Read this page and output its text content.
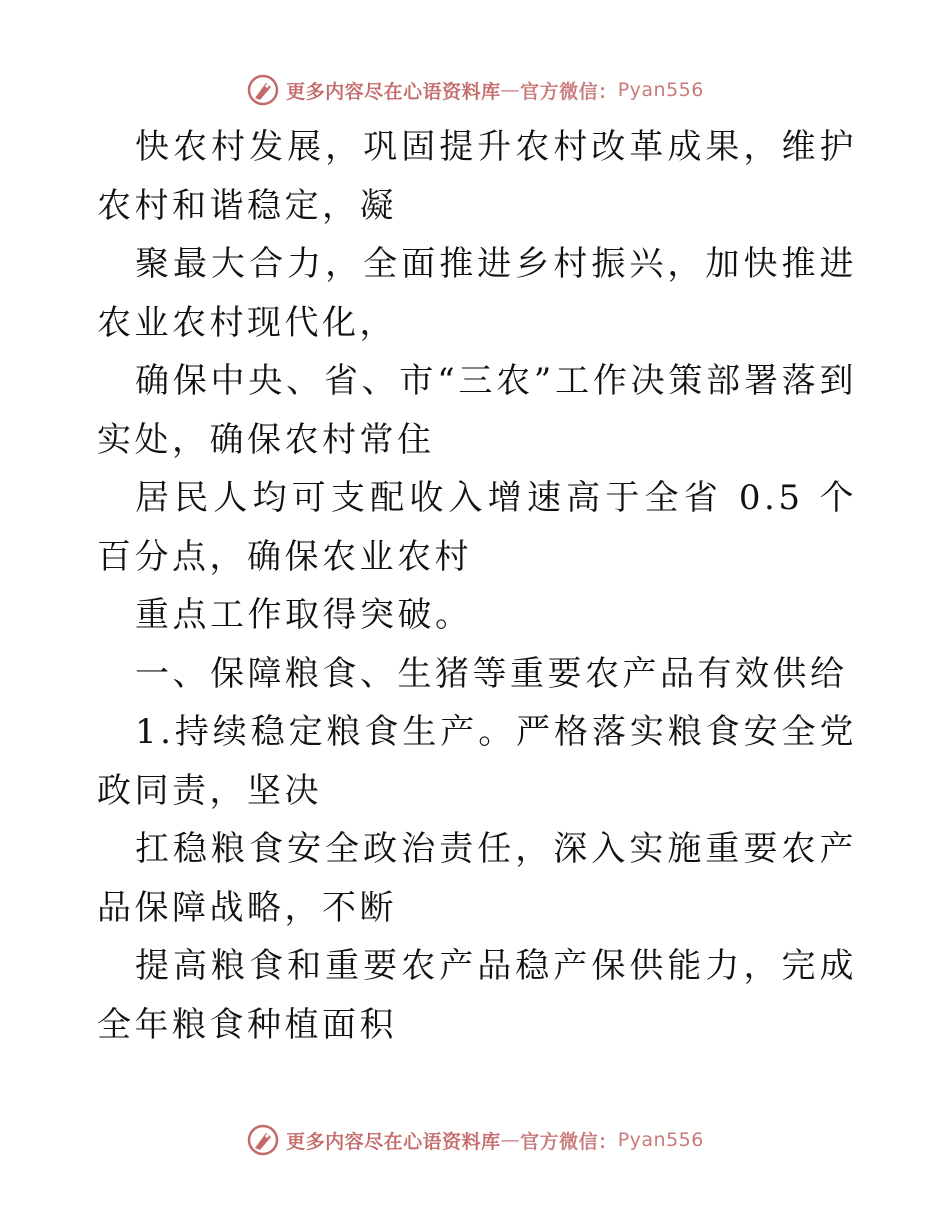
更多内容尽在心语资料库 — 官方微信： Pyan556

快农村发展，巩固提升农村改革成果，维护农村和谐稳定，凝

聚最大合力，全面推进乡村振兴，加快推进农业农村现代化，

确保中央、省、市“三农”工作决策部署落到实处，确保农村常住

居民人均可支配收入增速高于全省 0.5 个百分点，确保农业农村

重点工作取得突破。

一、保障粮食、生猪等重要农产品有效供给

1.持续稳定粮食生产。严格落实粮食安全党政同责，坚决

扛稳粮食安全政治责任，深入实施重要农产品保障战略，不断

提高粮食和重要农产品稳产保供能力，完成全年粮食种植面积

更多内容尽在心语资料库 — 官方微信： Pyan556
